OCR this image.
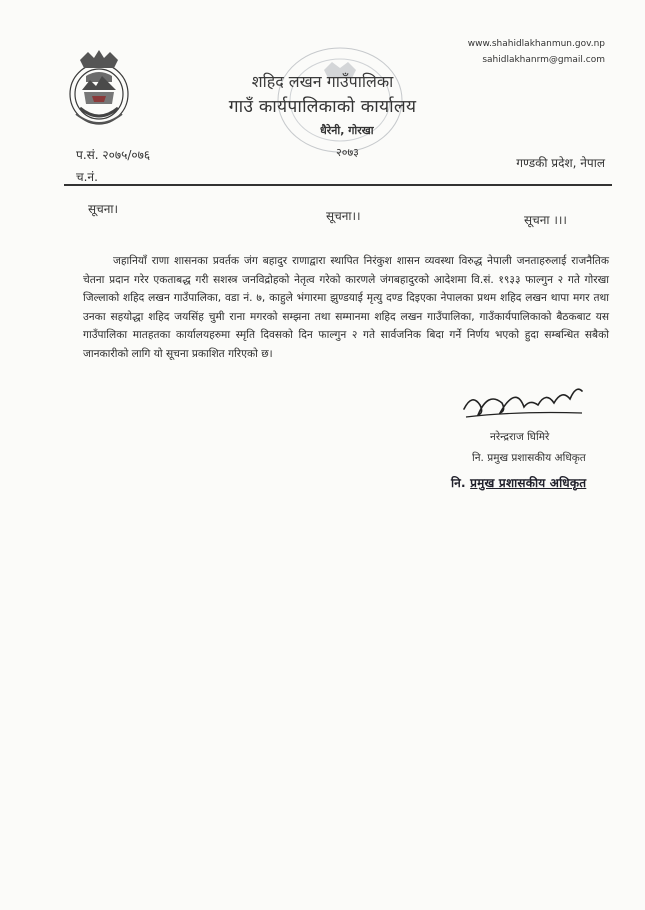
www.shahidlakhanmun.gov.np
sahidlakhanrm@gmail.com
शहिद लखन गाउँपालिका
गाउँ कार्यपालिकाको कार्यालय
धैरेनी, गोरखा
२०७३
प.सं. २०७५/०७६
च.नं.
गण्डकी प्रदेश, नेपाल
सूचना।	सूचना।।	सूचना ।।।
जहानियाँ राणा शासनका प्रवर्तक जंग बहादुर राणाद्वारा स्थापित निरंकुश शासन व्यवस्था विरुद्ध नेपाली जनताहरुलाई राजनैतिक चेतना प्रदान गरेर एकताबद्ध गरी सशस्त्र जनविद्रोहको नेतृत्व गरेको कारणले जंगबहादुरको आदेशमा वि.सं. १९३३ फाल्गुन २ गते गोरखा जिल्लाको शहिद लखन गाउँपालिका, वडा नं. ७, काहुले भंगारमा झुण्डयाई मृत्यु दण्ड दिइएका नेपालका प्रथम शहिद लखन थापा मगर तथा उनका सहयोद्धा शहिद जयसिंह चुमी राना मगरको सम्झना तथा सम्मानमा शहिद लखन गाउँपालिका, गाउँकार्यपालिकाको बैठकबाट यस गाउँपालिका मातहतका कार्यालयहरुमा स्मृति दिवसको दिन फाल्गुन २ गते सार्वजनिक बिदा गर्ने निर्णय भएको हुदा सम्बन्धित सबैको जानकारीको लागि यो सूचना प्रकाशित गरिएको छ।
नरेन्द्रराज घिमिरे
नि. प्रमुख प्रशासकीय अधिकृत
नि. प्रमुख प्रशासकीय अधिकृत
